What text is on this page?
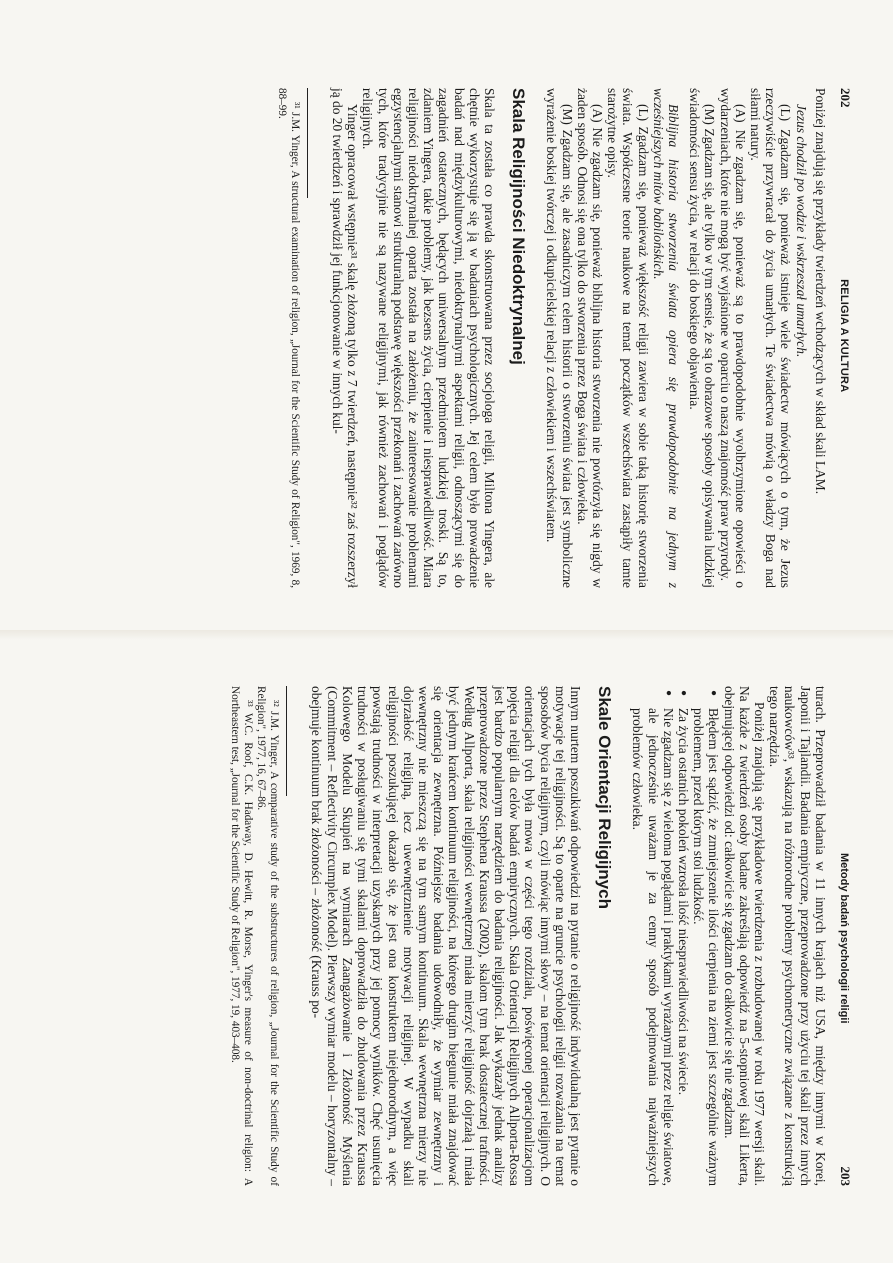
202
RELIGIA A KULTURA

Poniżej znajdują się przykłady twierdzeń wchodzących w skład skali LAM.

Jezus chodził po wodzie i wskrzeszał umarłych.

(L) Zgadzam się, ponieważ istnieje wiele świadectw mówiących o tym, że Jezus rzeczywiście przywracał do życia umarłych. Te świadectwa mówią o władzy Boga nad siłami natury.

(A) Nie zgadzam się, ponieważ są to prawdopodobnie wyolbrzymione opowieści o wydarzeniach, które nie mogą być wyjaśnione w oparciu o naszą znajomość praw przyrody.

(M) Zgadzam się, ale tylko w tym sensie, że są to obrazowe sposoby opisywania ludzkiej świadomości sensu życia, w relacji do boskiego objawienia.

Biblijna historia stworzenia świata opiera się prawdopodobnie na jednym z wcześniejszych mitów babilońskich.

(L) Zgadzam się, ponieważ większość religii zawiera w sobie taką historię stworzenia świata. Współczesne teorie naukowe na temat początków wszechświata zastąpiły tamte starożytne opisy.

(A) Nie zgadzam się, ponieważ biblijna historia stworzenia nie powtórzyła się nigdy w żaden sposób. Odnosi się ona tylko do stworzenia przez Boga świata i człowieka.

(M) Zgadzam się, ale zasadniczym celem historii o stworzeniu świata jest symboliczne wyrażenie boskiej twórczej i odkupicielskiej relacji z człowiekiem i wszechświatem.

Skala Religijności Niedoktrynalnej

Skala ta została co prawda skonstruowana przez socjologa religii, Miltona Yingera, ale chętnie wykorzystuje się ją w badaniach psychologicznych. Jej celem było prowadzenie badań nad międzykulturowymi, niedoktrynalnymi aspektami religii, odnoszącymi się do zagadnień ostatecznych, będących uniwersalnym przedmiotem ludzkiej troski. Są to, zdaniem Yingera, takie problemy, jak bezsens życia, cierpienie i niesprawiedliwość. Miara religijności niedoktrynalnej oparta została na założeniu, że zainteresowanie problemami egzystencjalnymi stanowi strukturalną podstawę większości przekonań i zachowań zarówno tych, które tradycyjnie nie są nazywane religijnymi, jak również zachowań i poglądów religijnych.

Yinger opracował wstępnie³¹ skalę złożoną tylko z 7 twierdzeń, następnie³² zaś rozszerzył ją do 20 twierdzeń i sprawdził jej funkcjonowanie w innych kul-

³¹ J.M. Yinger, A structural examination of religion, „Journal for the Scientific Study of Religion", 1969, 8, 88–99.

Metody badań psychologii religii
203

turach. Przeprowadził badania w 11 innych krajach niż USA, między innymi w Korei, Japonii i Tajlandii. Badania empiryczne, przeprowadzone przy użyciu tej skali przez innych naukowców³³, wskazują na różnorodne problemy psychometryczne związane z konstrukcją tego narzędzia.

Poniżej znajdują się przykładowe twierdzenia z rozbudowanej w roku 1977 wersji skali. Na każde z twierdzeń osoby badane zakreślają odpowiedź na 5-stopniowej skali Likerta, obejmującej odpowiedzi od: całkowicie się zgadzam do całkowicie się nie zgadzam.

● Błędem jest sądzić, że zmniejszenie ilości cierpienia na ziemi jest szczególnie ważnym problemem, przed którym stoi ludzkość.
● Za życia ostatnich pokoleń wzrosła ilość niesprawiedliwości na świecie.
● Nie zgadzam się z wieloma poglądami i praktykami wyrażanymi przez religie światowe, ale jednocześnie uważam je za cenny sposób podejmowania najważniejszych problemów człowieka.
Skale Orientacji Religijnych

Innym nurtem poszukiwań odpowiedzi na pytanie o religijność indywidualną jest pytanie o motywacje tej religijności. Są to oparte na gruncie psychologii religii rozważania na temat sposobów bycia religijnym, czyli mówiąc innymi słowy – na temat orientacji religijnych. O orientacjach tych była mowa w części tego rozdziału, poświęconej operacjonalizacjom pojęcia religii dla celów badań empirycznych. Skala Orientacji Religijnych Allporta-Rossa jest bardzo popularnym narzędziem do badania religijności. Jak wykazały jednak analizy przeprowadzone przez Stephena Kraussa (2002), skalom tym brak dostatecznej trafności. Według Allporta, skala religijności wewnętrznej miała mierzyć religijność dojrzałą i miała być jednym krańcem kontinuum religijności, na którego drugim biegunie miała znajdować się orientacja zewnętrzna. Późniejsze badania udowodniły, że wymiar zewnętrzny i wewnętrzny nie mieszczą się na tym samym kontinuum. Skala wewnętrzna mierzy nie dojrzałość religijną, lecz uwewnętrznienie motywacji religijnej. W wypadku skali religijności poszukującej okazało się, że jest ona konstruktem niejednorodnym, a więc powstają trudności w interpretacji uzyskanych przy jej pomocy wyników. Chęć usunięcia trudności w posługiwaniu się tymi skalami doprowadziła do zbudowania przez Kraussa Kolowego Modelu Skupień na wymiarach Zaangażowanie i Złożoność Myślenia (Commitment – Reflectivity Circumplex Model). Pierwszy wymiar modelu – horyzontalny – obejmuje kontinuum brak złożoności – złożoność (Krauss po-

³² J.M. Yinger, A comparative study of the substructures of religion, „Journal for the Scientific Study of Religion", 1977, 16, 67–86.

³³ W.C. Roof, C.K. Hadaway, D. Hewitt, R. Morse, Yinger's measure of non-doctrinal religion: A Northeastern test, „Journal for the Scientific Study of Religion", 1977, 19, 403–408.
